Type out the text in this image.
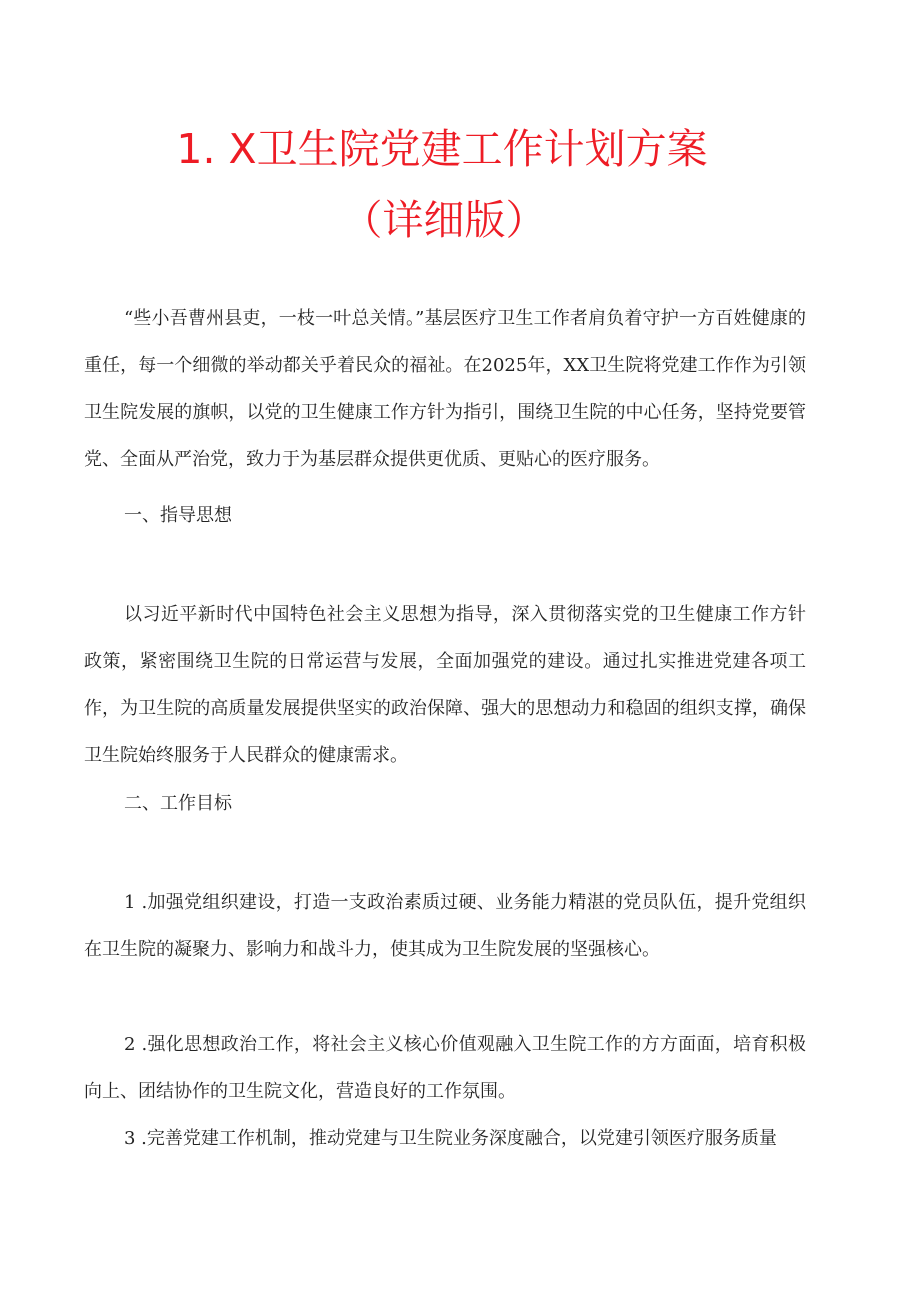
1. X卫生院党建工作计划方案
（详细版）

“些小吾曹州县吏，一枝一叶总关情。”基层医疗卫生工作者肩负着守护一方百姓健康的重任，每一个细微的举动都关乎着民众的福祉。在2025年，XX卫生院将党建工作作为引领卫生院发展的旗帜，以党的卫生健康工作方针为指引，围绕卫生院的中心任务，坚持党要管党、全面从严治党，致力于为基层群众提供更优质、更贴心的医疗服务。

一、指导思想

以习近平新时代中国特色社会主义思想为指导，深入贯彻落实党的卫生健康工作方针政策，紧密围绕卫生院的日常运营与发展，全面加强党的建设。通过扎实推进党建各项工作，为卫生院的高质量发展提供坚实的政治保障、强大的思想动力和稳固的组织支撑，确保卫生院始终服务于人民群众的健康需求。

二、工作目标

1 .加强党组织建设，打造一支政治素质过硬、业务能力精湛的党员队伍，提升党组织在卫生院的凝聚力、影响力和战斗力，使其成为卫生院发展的坚强核心。

2 .强化思想政治工作，将社会主义核心价值观融入卫生院工作的方方面面，培育积极向上、团结协作的卫生院文化，营造良好的工作氛围。

3 .完善党建工作机制，推动党建与卫生院业务深度融合，以党建引领医疗服务质量
